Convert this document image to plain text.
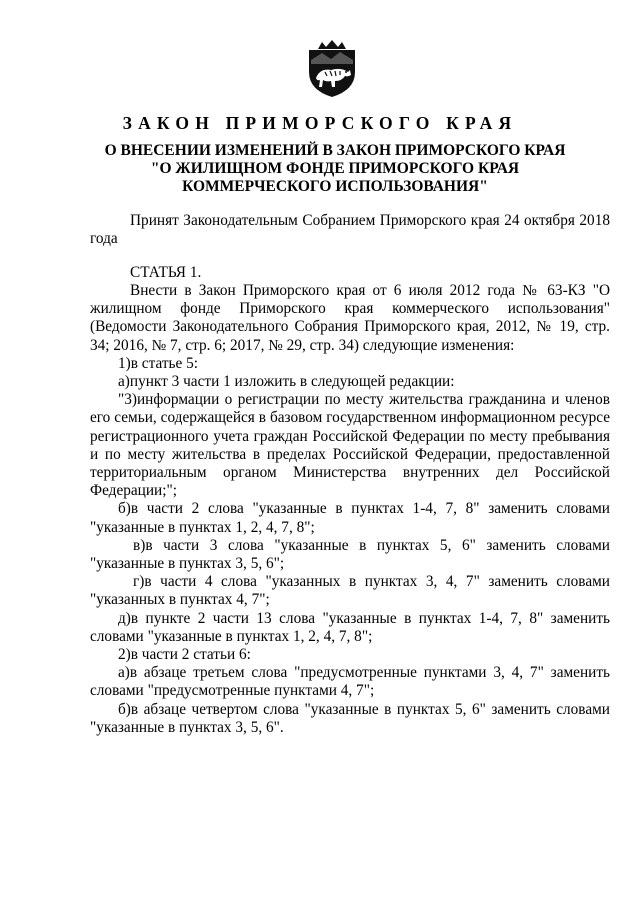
ЗАКОН ПРИМОРСКОГО КРАЯ
О ВНЕСЕНИИ ИЗМЕНЕНИЙ В ЗАКОН ПРИМОРСКОГО КРАЯ
"О ЖИЛИЩНОМ ФОНДЕ ПРИМОРСКОГО КРАЯ
КОММЕРЧЕСКОГО ИСПОЛЬЗОВАНИЯ"

Принят Законодательным Собранием Приморского края 24 октября 2018 года

СТАТЬЯ 1.

Внести в Закон Приморского края от 6 июля 2012 года № 63-КЗ "О жилищном фонде Приморского края коммерческого использования" (Ведомости Законодательного Собрания Приморского края, 2012, № 19, стр. 34; 2016, № 7, стр. 6; 2017, № 29, стр. 34) следующие изменения:

1)в статье 5:

а)пункт 3 части 1 изложить в следующей редакции:

"3)информации о регистрации по месту жительства гражданина и членов его семьи, содержащейся в базовом государственном информационном ресурсе регистрационного учета граждан Российской Федерации по месту пребывания и по месту жительства в пределах Российской Федерации, предоставленной территориальным органом Министерства внутренних дел Российской Федерации;";

б)в части 2 слова "указанные в пунктах 1-4, 7, 8" заменить словами "указанные в пунктах 1, 2, 4, 7, 8";

в)в части 3 слова "указанные в пунктах 5, 6" заменить словами "указанные в пунктах 3, 5, 6";

г)в части 4 слова "указанных в пунктах 3, 4, 7" заменить словами "указанных в пунктах 4, 7";

д)в пункте 2 части 13 слова "указанные в пунктах 1-4, 7, 8" заменить словами "указанные в пунктах 1, 2, 4, 7, 8";

2)в части 2 статьи 6:

а)в абзаце третьем слова "предусмотренные пунктами 3, 4, 7" заменить словами "предусмотренные пунктами 4, 7";

б)в абзаце четвертом слова "указанные в пунктах 5, 6" заменить словами "указанные в пунктах 3, 5, 6".
